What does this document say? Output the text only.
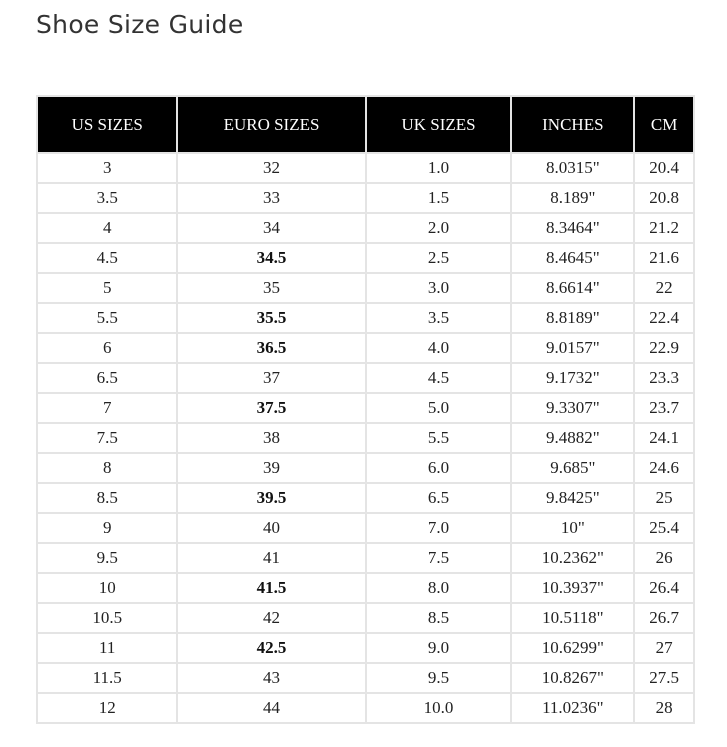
Shoe Size Guide
US SIZES	EURO SIZES	UK SIZES	INCHES	CM
3	32	1.0	8.0315"	20.4
3.5	33	1.5	8.189"	20.8
4	34	2.0	8.3464"	21.2
4.5	34.5	2.5	8.4645"	21.6
5	35	3.0	8.6614"	22
5.5	35.5	3.5	8.8189"	22.4
6	36.5	4.0	9.0157"	22.9
6.5	37	4.5	9.1732"	23.3
7	37.5	5.0	9.3307"	23.7
7.5	38	5.5	9.4882"	24.1
8	39	6.0	9.685"	24.6
8.5	39.5	6.5	9.8425"	25
9	40	7.0	10"	25.4
9.5	41	7.5	10.2362"	26
10	41.5	8.0	10.3937"	26.4
10.5	42	8.5	10.5118"	26.7
11	42.5	9.0	10.6299"	27
11.5	43	9.5	10.8267"	27.5
12	44	10.0	11.0236"	28
